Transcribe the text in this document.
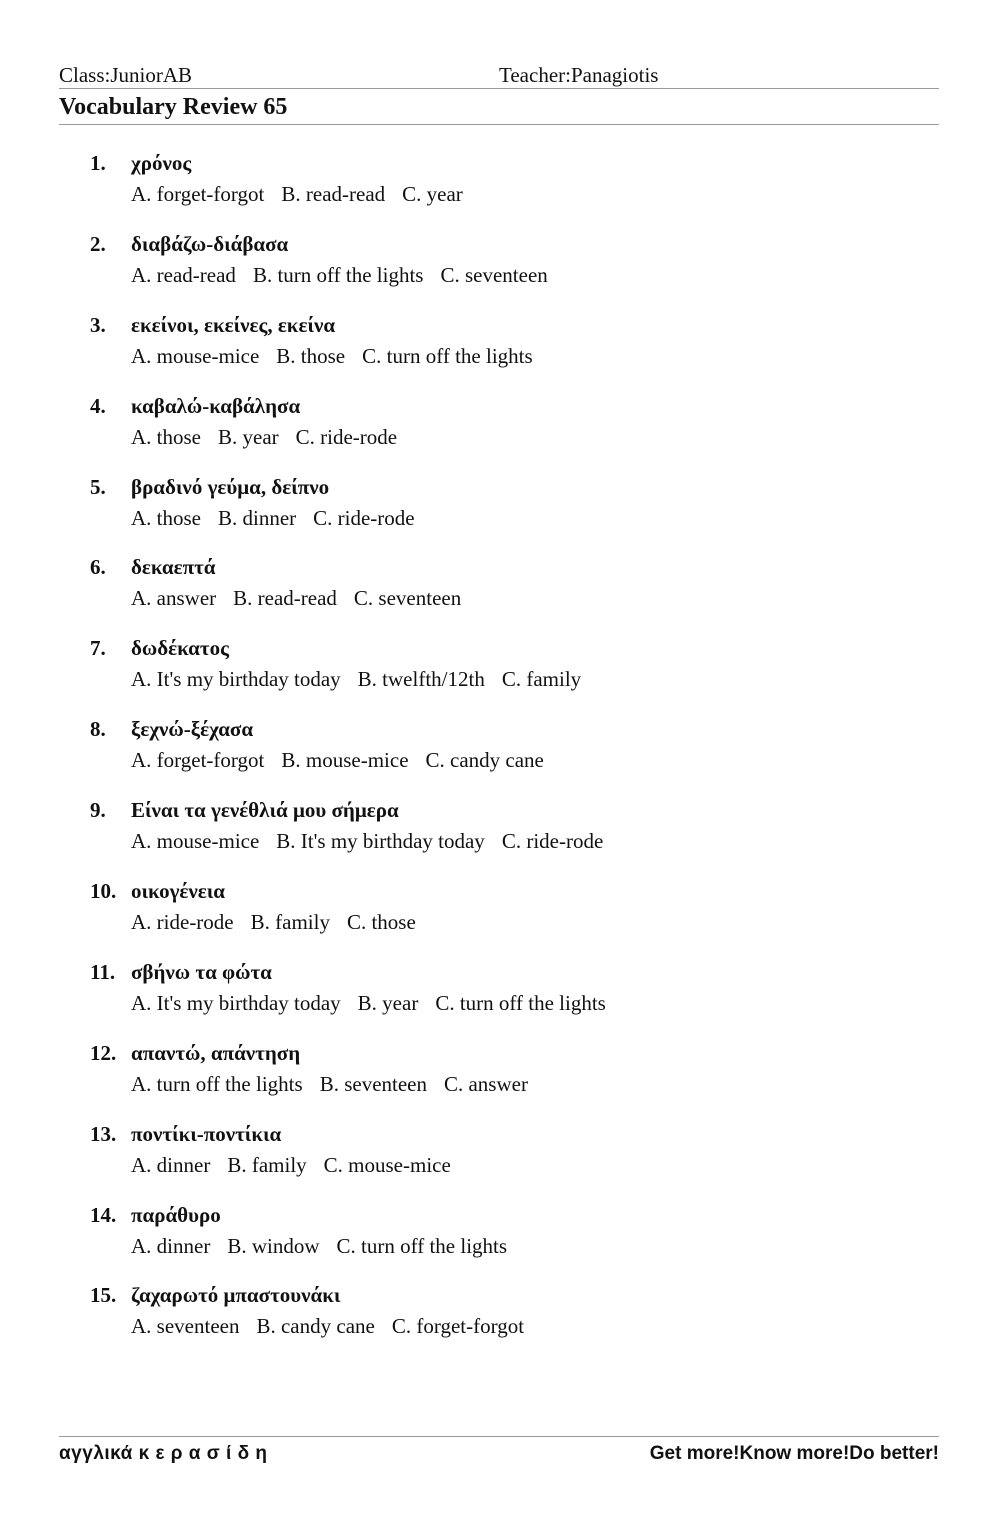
Class:JuniorAB	Teacher:Panagiotis
Vocabulary Review 65
1. χρόνος
A. forget-forgot B. read-read C. year
2. διαβάζω-διάβασα
A. read-read B. turn off the lights C. seventeen
3. εκείνοι, εκείνες, εκείνα
A. mouse-mice B. those C. turn off the lights
4. καβαλώ-καβάλησα
A. those B. year C. ride-rode
5. βραδινό γεύμα, δείπνο
A. those B. dinner C. ride-rode
6. δεκαεπτά
A. answer B. read-read C. seventeen
7. δωδέκατος
A. It's my birthday today B. twelfth/12th C. family
8. ξεχνώ-ξέχασα
A. forget-forgot B. mouse-mice C. candy cane
9. Είναι τα γενέθλιά μου σήμερα
A. mouse-mice B. It's my birthday today C. ride-rode
10. οικογένεια
A. ride-rode B. family C. those
11. σβήνω τα φώτα
A. It's my birthday today B. year C. turn off the lights
12. απαντώ, απάντηση
A. turn off the lights B. seventeen C. answer
13. ποντίκι-ποντίκια
A. dinner B. family C. mouse-mice
14. παράθυρο
A. dinner B. window C. turn off the lights
15. ζαχαρωτό μπαστουνάκι
A. seventeen B. candy cane C. forget-forgot
αγγλικά κ ε ρ α σ ί δ η	Get more!Know more!Do better!
